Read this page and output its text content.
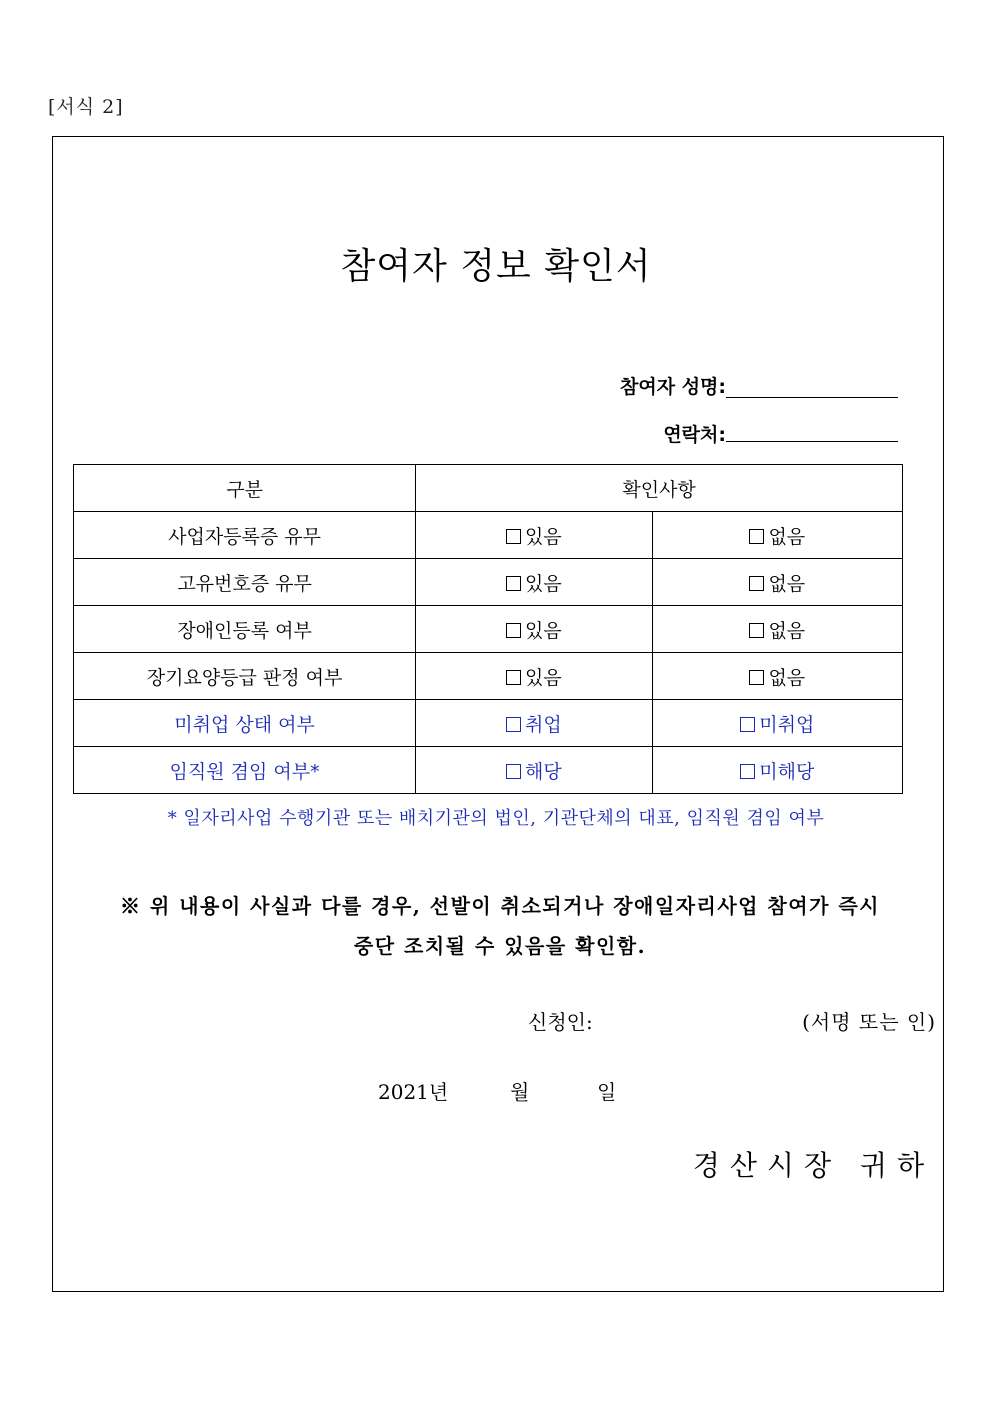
[서식 2]
참여자 정보 확인서
참여자 성명:
연락처:
구분	확인사항	
사업자등록증 유무	있음	없음
고유번호증 유무	있음	없음
장애인등록 여부	있음	없음
장기요양등급 판정 여부	있음	없음
미취업 상태 여부	취업	미취업
임직원 겸임 여부*	해당	미해당
* 일자리사업 수행기관 또는 배치기관의 법인, 기관단체의 대표, 임직원 겸임 여부
※ 위 내용이 사실과 다를 경우, 선발이 취소되거나 장애일자리사업 참여가 즉시
중단 조치될 수 있음을 확인함.
신청인:	(서명 또는 인)
2021년	월	일
경산시장 귀하
